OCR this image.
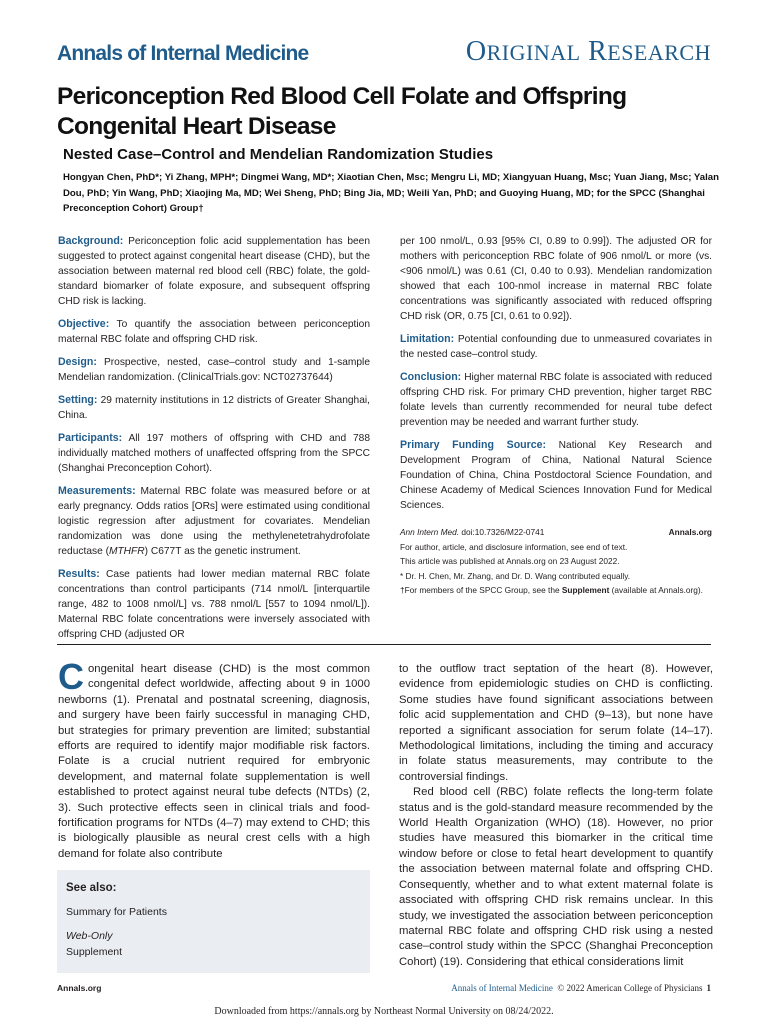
Annals of Internal Medicine	ORIGINAL RESEARCH
Periconception Red Blood Cell Folate and Offspring Congenital Heart Disease
Nested Case–Control and Mendelian Randomization Studies
Hongyan Chen, PhD*; Yi Zhang, MPH*; Dingmei Wang, MD*; Xiaotian Chen, Msc; Mengru Li, MD; Xiangyuan Huang, Msc; Yuan Jiang, Msc; Yalan Dou, PhD; Yin Wang, PhD; Xiaojing Ma, MD; Wei Sheng, PhD; Bing Jia, MD; Weili Yan, PhD; and Guoying Huang, MD; for the SPCC (Shanghai Preconception Cohort) Group†

Background: Periconception folic acid supplementation has been suggested to protect against congenital heart disease (CHD), but the association between maternal red blood cell (RBC) folate, the gold-standard biomarker of folate exposure, and subsequent offspring CHD risk is lacking.

Objective: To quantify the association between periconception maternal RBC folate and offspring CHD risk.

Design: Prospective, nested, case–control study and 1-sample Mendelian randomization. (ClinicalTrials.gov: NCT02737644)

Setting: 29 maternity institutions in 12 districts of Greater Shanghai, China.

Participants: All 197 mothers of offspring with CHD and 788 individually matched mothers of unaffected offspring from the SPCC (Shanghai Preconception Cohort).

Measurements: Maternal RBC folate was measured before or at early pregnancy. Odds ratios [ORs] were estimated using conditional logistic regression after adjustment for covariates. Mendelian randomization was done using the methylenetetrahydrofolate reductase (MTHFR) C677T as the genetic instrument.

Results: Case patients had lower median maternal RBC folate concentrations than control participants (714 nmol/L [interquartile range, 482 to 1008 nmol/L] vs. 788 nmol/L [557 to 1094 nmol/L]). Maternal RBC folate concentrations were inversely associated with offspring CHD (adjusted OR

per 100 nmol/L, 0.93 [95% CI, 0.89 to 0.99]). The adjusted OR for mothers with periconception RBC folate of 906 nmol/L or more (vs. <906 nmol/L) was 0.61 (CI, 0.40 to 0.93). Mendelian randomization showed that each 100-nmol increase in maternal RBC folate concentrations was significantly associated with reduced offspring CHD risk (OR, 0.75 [CI, 0.61 to 0.92]).

Limitation: Potential confounding due to unmeasured covariates in the nested case–control study.

Conclusion: Higher maternal RBC folate is associated with reduced offspring CHD risk. For primary CHD prevention, higher target RBC folate levels than currently recommended for neural tube defect prevention may be needed and warrant further study.

Primary Funding Source: National Key Research and Development Program of China, National Natural Science Foundation of China, China Postdoctoral Science Foundation, and Chinese Academy of Medical Sciences Innovation Fund for Medical Sciences.

Ann Intern Med. doi:10.7326/M22-0741	Annals.org
For author, article, and disclosure information, see end of text.
This article was published at Annals.org on 23 August 2022.
* Dr. H. Chen, Mr. Zhang, and Dr. D. Wang contributed equally.
†For members of the SPCC Group, see the Supplement (available at Annals.org).

Congenital heart disease (CHD) is the most common congenital defect worldwide, affecting about 9 in 1000 newborns (1). Prenatal and postnatal screening, diagnosis, and surgery have been fairly successful in managing CHD, but strategies for primary prevention are limited; substantial efforts are required to identify major modifiable risk factors. Folate is a crucial nutrient required for embryonic development, and maternal folate supplementation is well established to protect against neural tube defects (NTDs) (2, 3). Such protective effects seen in clinical trials and food-fortification programs for NTDs (4–7) may extend to CHD; this is biologically plausible as neural crest cells with a high demand for folate also contribute

to the outflow tract septation of the heart (8). However, evidence from epidemiologic studies on CHD is conflicting. Some studies have found significant associations between folic acid supplementation and CHD (9–13), but none have reported a significant association for serum folate (14–17). Methodological limitations, including the timing and accuracy in folate status measurements, may contribute to the controversial findings.

Red blood cell (RBC) folate reflects the long-term folate status and is the gold-standard measure recommended by the World Health Organization (WHO) (18). However, no prior studies have measured this biomarker in the critical time window before or close to fetal heart development to quantify the association between maternal folate and offspring CHD. Consequently, whether and to what extent maternal folate is associated with offspring CHD risk remains unclear. In this study, we investigated the association between periconception maternal RBC folate and offspring CHD risk using a nested case–control study within the SPCC (Shanghai Preconception Cohort) (19). Considering that ethical considerations limit

See also:
Summary for Patients
Web-Only
Supplement
Annals.org	Annals of Internal Medicine © 2022 American College of Physicians 1
Downloaded from https://annals.org by Northeast Normal University on 08/24/2022.
